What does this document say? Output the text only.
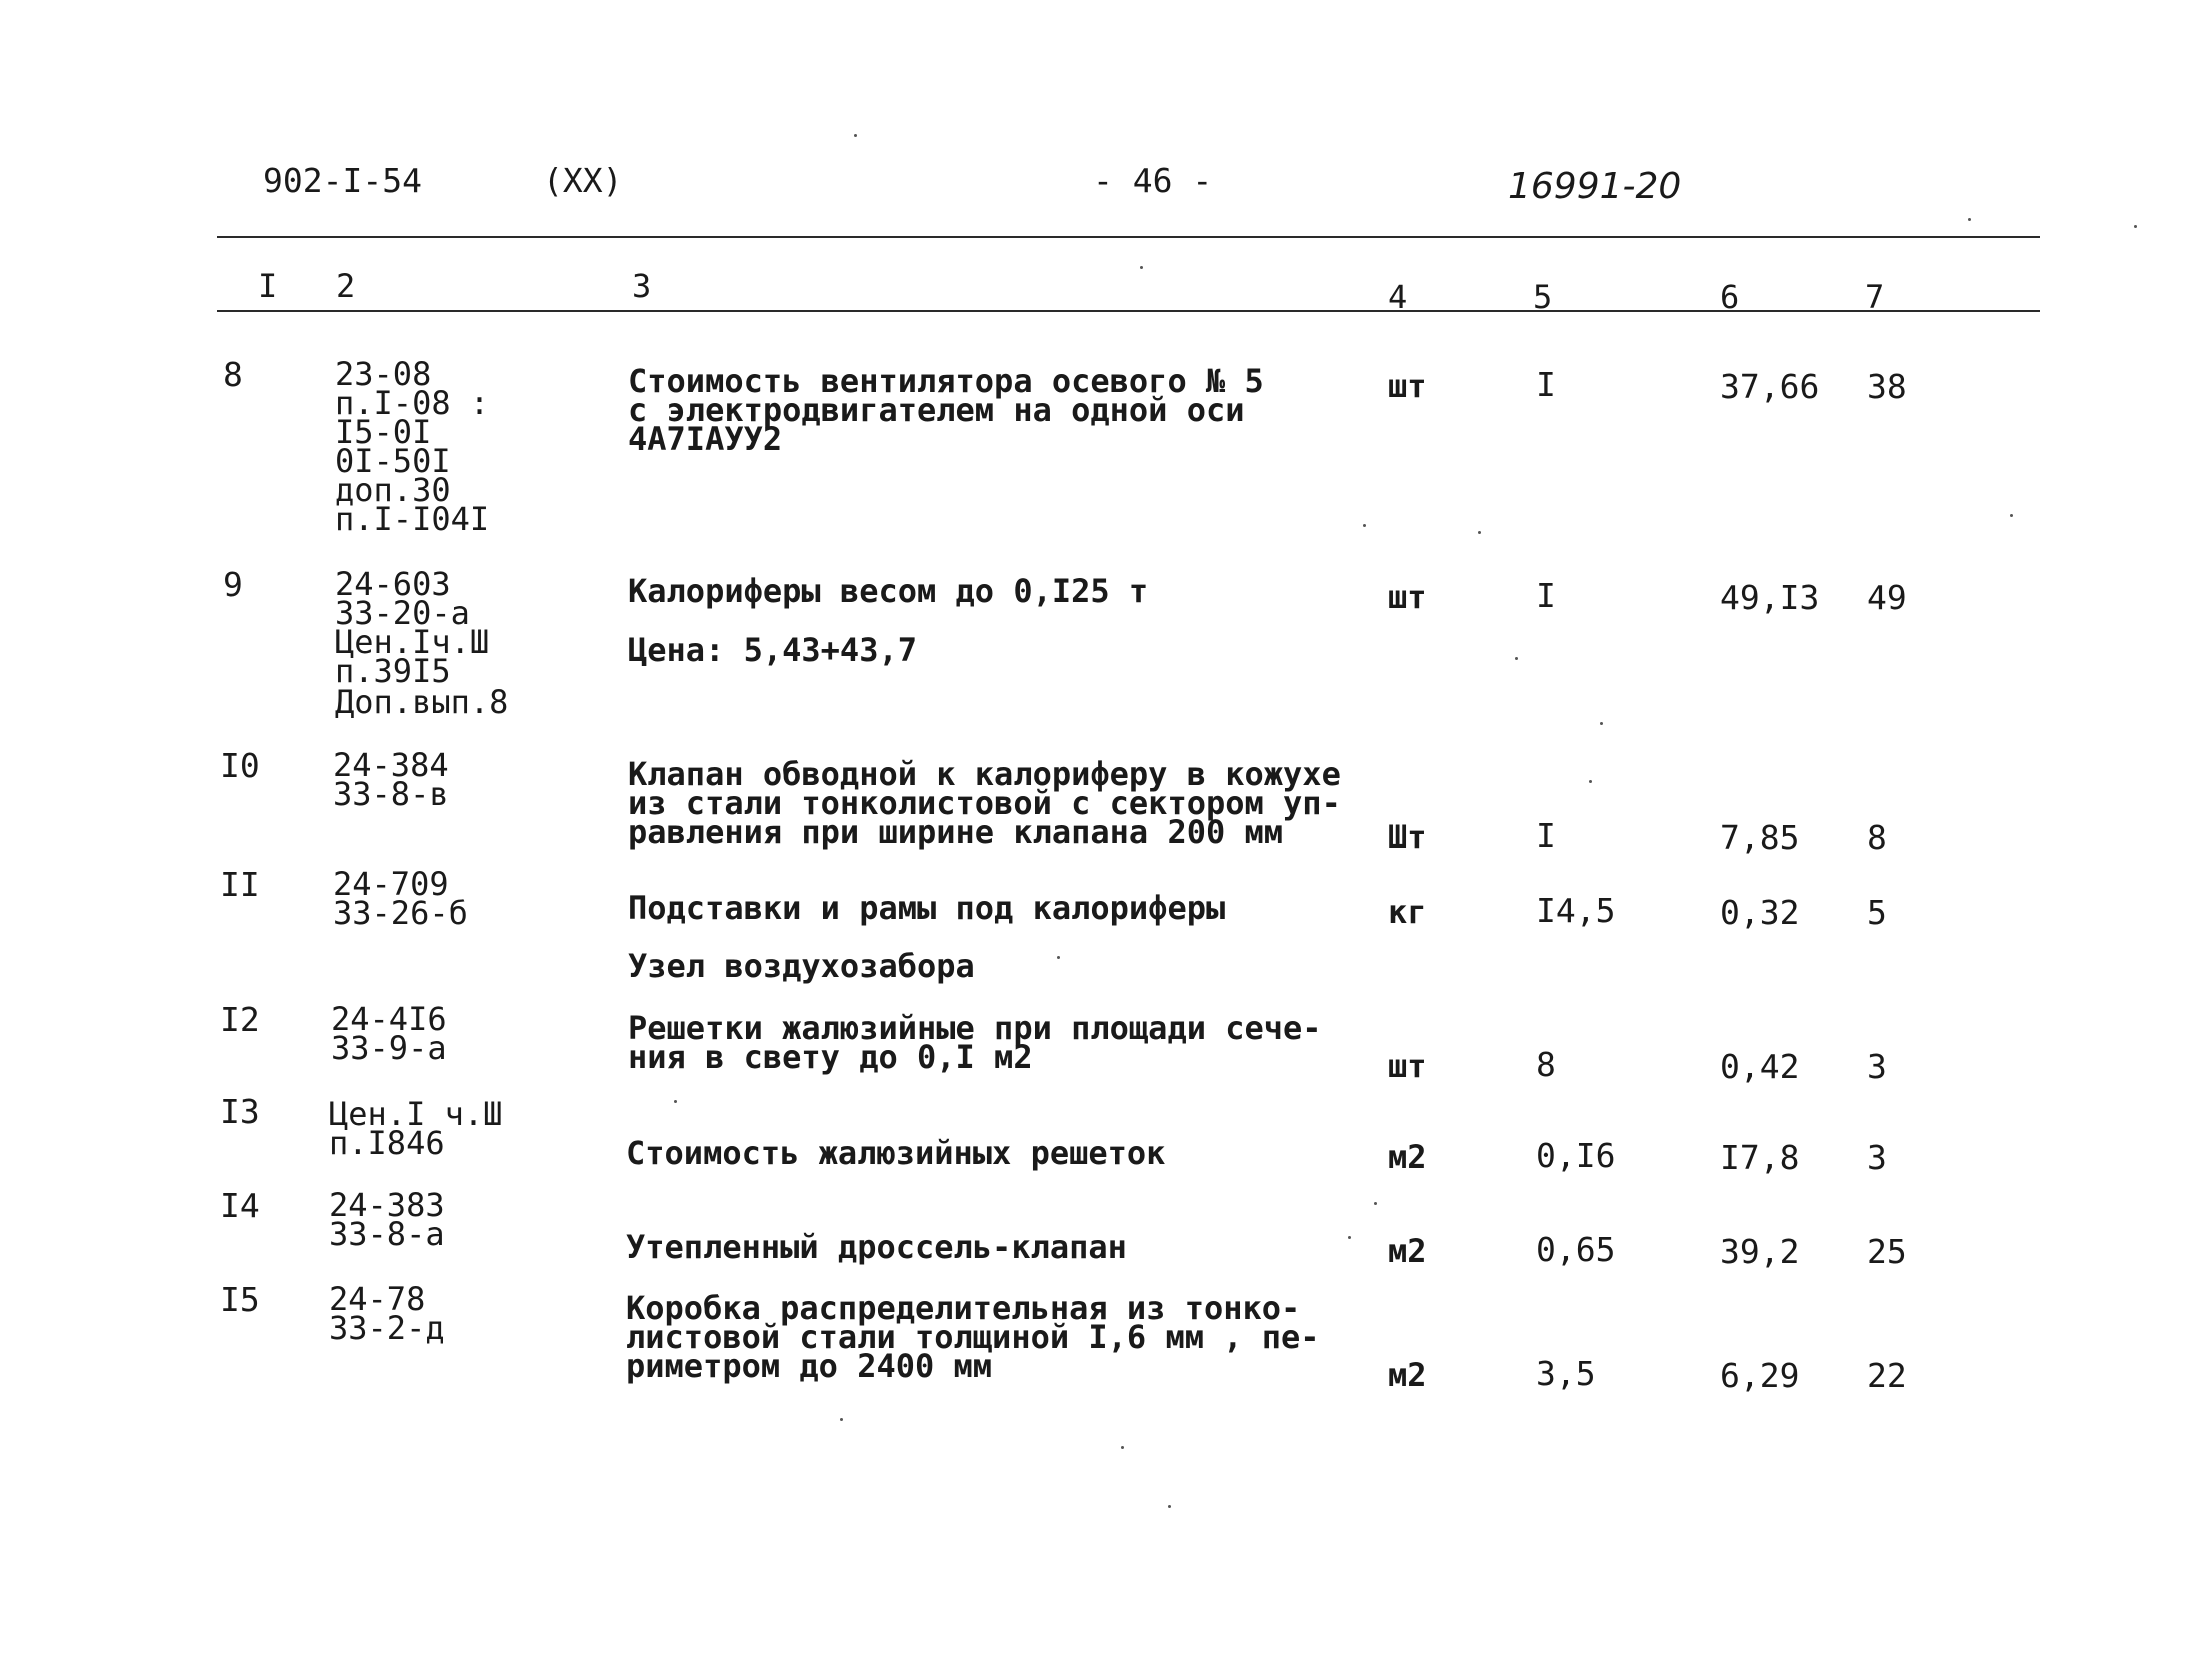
902-I-54	(XX)	- 46 -	16991-20
I 2	3	4	5	6	7
8	23-08
п.I-08 :
I5-0I
0I-50I
доп.30
п.I-I04I
Стоимость вентилятора осевого № 5
с электродвигателем на одной оси
4А7IАУУ2
шт	I	37,66 38
9	24-603
33-20-а
Цен.Iч.Ш
п.39I5
Доп.вып.8
Калориферы весом до 0,I25 т
Цена: 5,43+43,7
шт	I	49,I3 49
I0 24-384
33-8-в
Клапан обводной к калориферу в кожухе
из стали тонколистовой с сектором уп-
равления при ширине клапана 200 мм	Шт	I	7,85 8
II 24-709
33-26-б	Подставки и рамы под калориферы	кг	I4,5	0,32 5
Узел воздухозабора
I2 24-4I6
33-9-а
Решетки жалюзийные при площади сече-
ния в свету до 0,I м2	шт	8	0,42 3
I3 Цен.I ч.Ш
п.I846	Стоимость жалюзийных решеток	м2	0,I6	I7,8 3
I4 24-383
33-8-а	Утепленный дроссель-клапан	м2	0,65	39,2 25
I5 24-78
33-2-д
Коробка распределительная из тонко-
листовой стали толщиной I,6 мм , пе-
риметром до 2400 мм	м2	3,5	6,29 22
